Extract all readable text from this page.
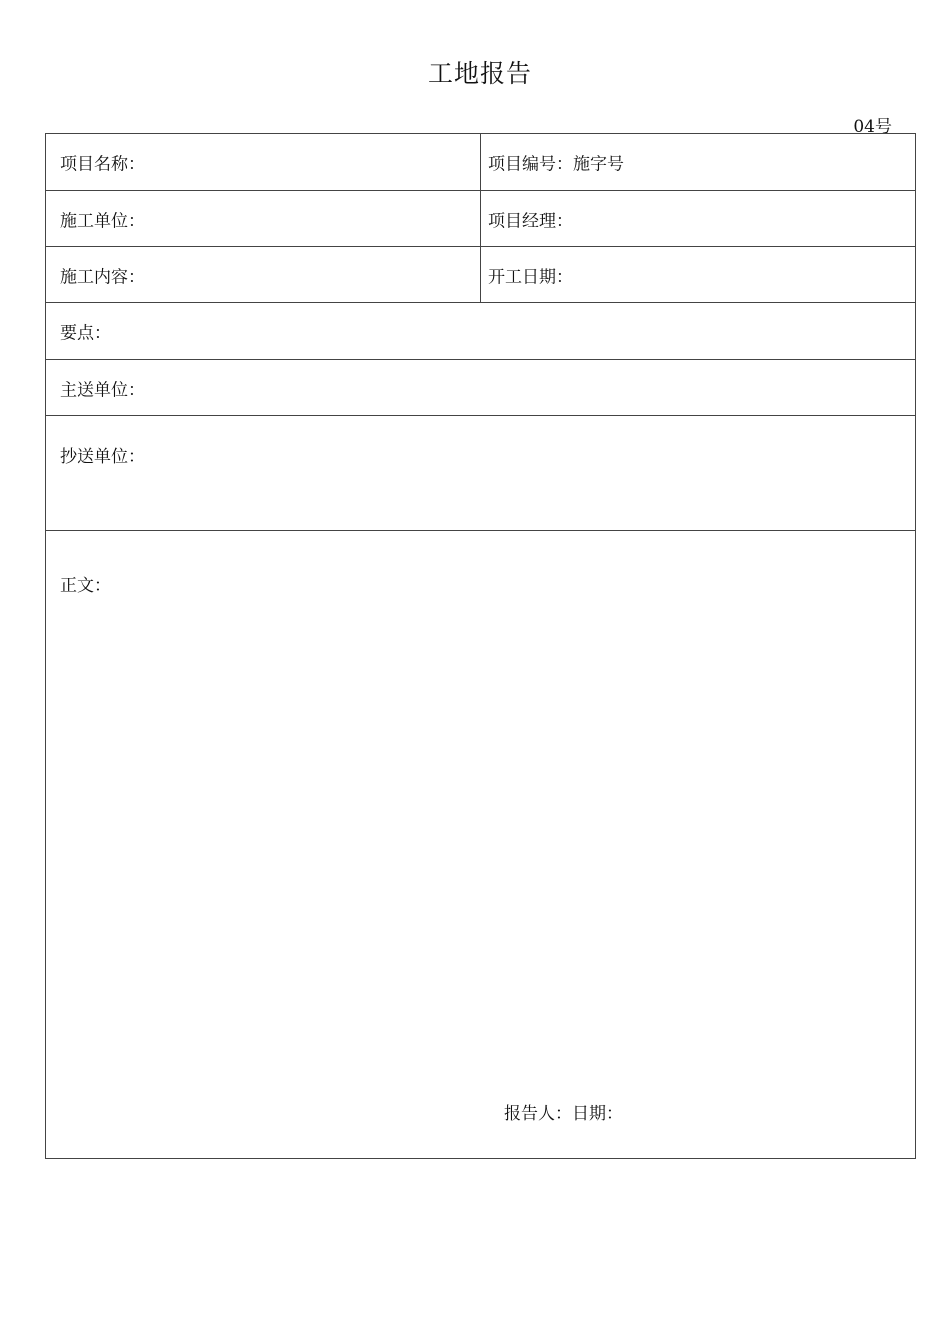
工地报告
04号
项目名称：	项目编号：施字号
施工单位：	项目经理：
施工内容：	开工日期：
要点：
主送单位：
抄送单位：
正文：
报告人：日期：
